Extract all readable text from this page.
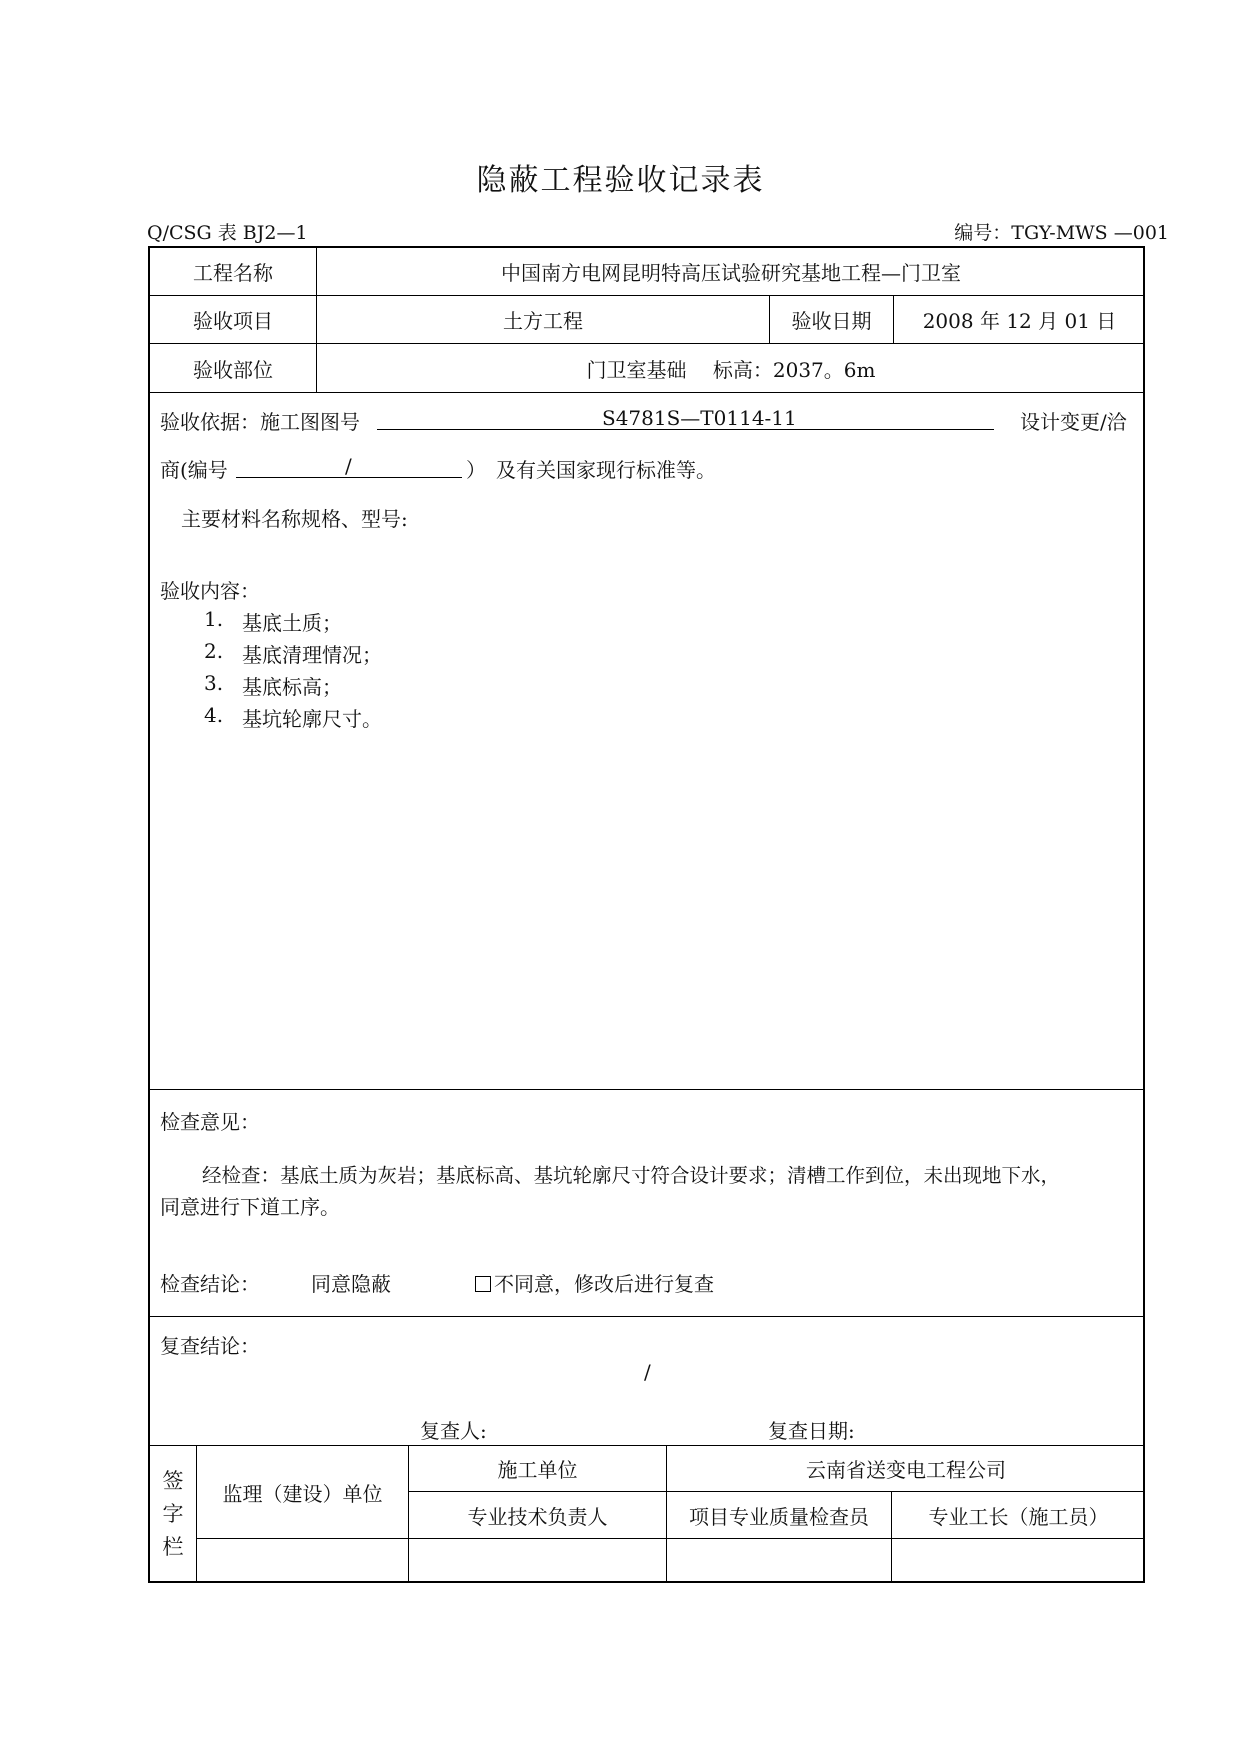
隐蔽工程验收记录表
Q/CSG 表 BJ2—1	编号：TGY-MWS —001
工程名称	中国南方电网昆明特高压试验研究基地工程—门卫室
验收项目	土方工程	验收日期	2008 年 12 月 01 日
验收部位	门卫室基础　 标高：2037。6m
验收依据：施工图图号	S4781S—T0114-11	设计变更/洽
商(编号	/	）　及有关国家现行标准等。
主要材料名称规格、型号:
验收内容：
1. 基底土质；
2. 基底清理情况；
3. 基底标高；
4. 基坑轮廓尺寸。
检查意见：
经检查：基底土质为灰岩；基底标高、基坑轮廓尺寸符合设计要求；清槽工作到位，未出现地下水，
同意进行下道工序。
检查结论：	同意隐蔽	不同意，修改后进行复查
复查结论：
/
复查人:	复查日期:
签
字
栏
监理（建设）单位
施工单位	云南省送变电工程公司
专业技术负责人	项目专业质量检查员	专业工长（施工员）
